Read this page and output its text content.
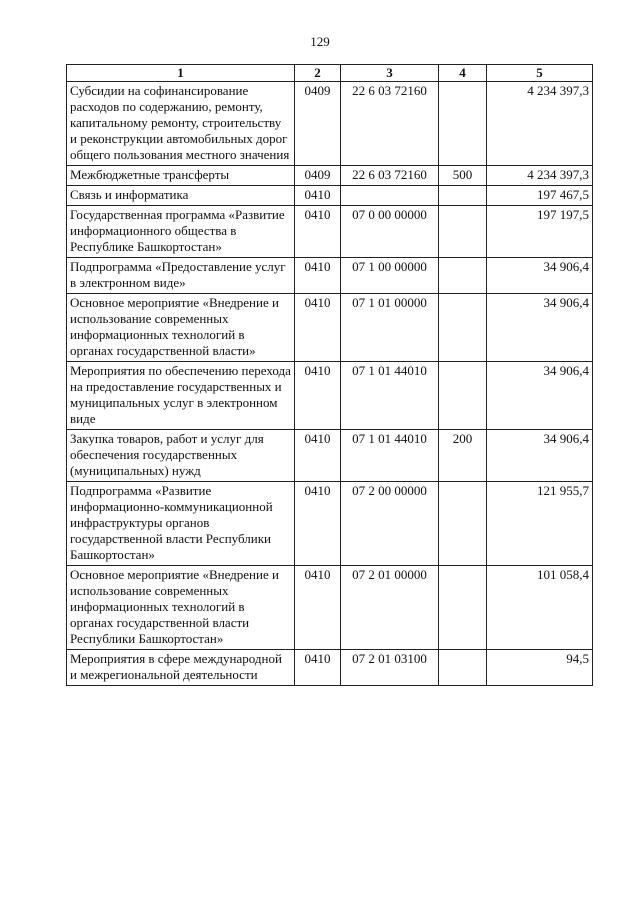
129
1	2	3	4	5
Субсидии на софинансирование расходов по содержанию, ремонту, капитальному ремонту, строительству и реконструкции автомобильных дорог общего пользования местного значения	0409	22 6 03 72160		4 234 397,3
Межбюджетные трансферты	0409	22 6 03 72160	500	4 234 397,3
Связь и информатика	0410			197 467,5
Государственная программа «Развитие информационного общества в Республике Башкортостан»	0410	07 0 00 00000		197 197,5
Подпрограмма «Предоставление услуг в электронном виде»	0410	07 1 00 00000		34 906,4
Основное мероприятие «Внедрение и использование современных информационных технологий в органах государственной власти»	0410	07 1 01 00000		34 906,4
Мероприятия по обеспечению перехода на предоставление государственных и муниципальных услуг в электронном виде	0410	07 1 01 44010		34 906,4
Закупка товаров, работ и услуг для обеспечения государственных (муниципальных) нужд	0410	07 1 01 44010	200	34 906,4
Подпрограмма «Развитие информационно-коммуникационной инфраструктуры органов государственной власти Республики Башкортостан»	0410	07 2 00 00000		121 955,7
Основное мероприятие «Внедрение и использование современных информационных технологий в органах государственной власти Республики Башкортостан»	0410	07 2 01 00000		101 058,4
Мероприятия в сфере международной и межрегиональной деятельности	0410	07 2 01 03100		94,5
